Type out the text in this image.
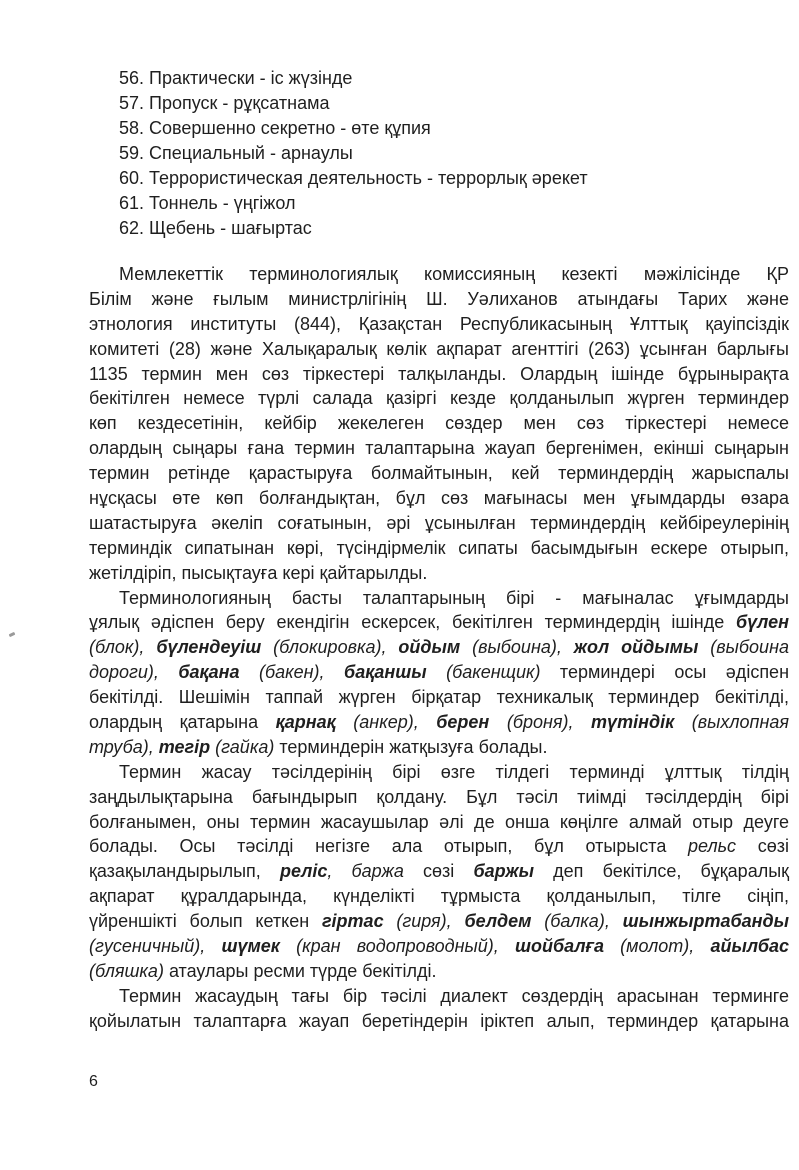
56. Практически - іс жүзінде
57. Пропуск - рұқсатнама
58. Совершенно секретно - өте құпия
59. Специальный - арнаулы
60. Террористическая деятельность - террорлық әрекет
61. Тоннель - үңгіжол
62. Щебень - шағыртас
Мемлекеттік терминологиялық комиссияның кезекті мәжілісінде ҚР
Білім және ғылым министрлігінің Ш. Уәлиханов атындағы Тарих және
этнология институты (844), Қазақстан Республикасының Ұлттық қауіпсіздік
комитеті (28) және Халықаралық көлік ақпарат агенттігі (263) ұсынған барлығы
1135 термин мен сөз тіркестері талқыланды. Олардың ішінде бұрынырақта
бекітілген немесе түрлі салада қазіргі кезде қолданылып жүрген терминдер
көп кездесетінін, кейбір жекелеген сөздер мен сөз тіркестері немесе
олардың сыңары ғана термин талаптарына жауап бергенімен, екінші сыңарын
термин ретінде қарастыруға болмайтынын, кей терминдердің жарыспалы
нұсқасы өте көп болғандықтан, бұл сөз мағынасы мен ұғымдарды өзара
шатастыруға әкеліп соғатынын, әрі ұсынылған терминдердің кейбіреулерінің
терминдік сипатынан көрі, түсіндірмелік сипаты басымдығын ескере отырып,
жетілдіріп, пысықтауға кері қайтарылды.
Терминологияның басты талаптарының бірі - мағыналас ұғымдарды
ұялық әдіспен беру екендігін ескерсек, бекітілген терминдердің ішінде бүлен
(блок), бүлендеуіш (блокировка), ойдым (выбоина), жол ойдымы (выбоина
дороги), бақана (бакен), бақаншы (бакенщик) терминдері осы әдіспен
бекітілді. Шешімін таппай жүрген бірқатар техникалық терминдер бекітілді,
олардың қатарына қарнақ (анкер), берен (броня), түтіндік (выхлопная
труба), тегір (гайка) терминдерін жатқызуға болады.
Термин жасау тәсілдерінің бірі өзге тілдегі терминді ұлттық тілдің
заңдылықтарына бағындырып қолдану. Бұл тәсіл тиімді тәсілдердің бірі
болғанымен, оны термин жасаушылар әлі де онша көңілге алмай отыр деуге
болады. Осы тәсілді негізге ала отырып, бұл отырыста рельс сөзі
қазақыландырылып, реліс, баржа сөзі баржы деп бекітілсе, бұқаралық
ақпарат құралдарында, күнделікті тұрмыста қолданылып, тілге сіңіп,
үйреншікті болып кеткен гіртас (гиря), белдем (балка), шынжыртабанды
(гусеничный), шүмек (кран водопроводный), шойбалға (молот), айылбас
(бляшка) атаулары ресми түрде бекітілді.
Термин жасаудың тағы бір тәсілі диалект сөздердің арасынан терминге
қойылатын талаптарға жауап беретіндерін іріктеп алып, терминдер қатарына
6
